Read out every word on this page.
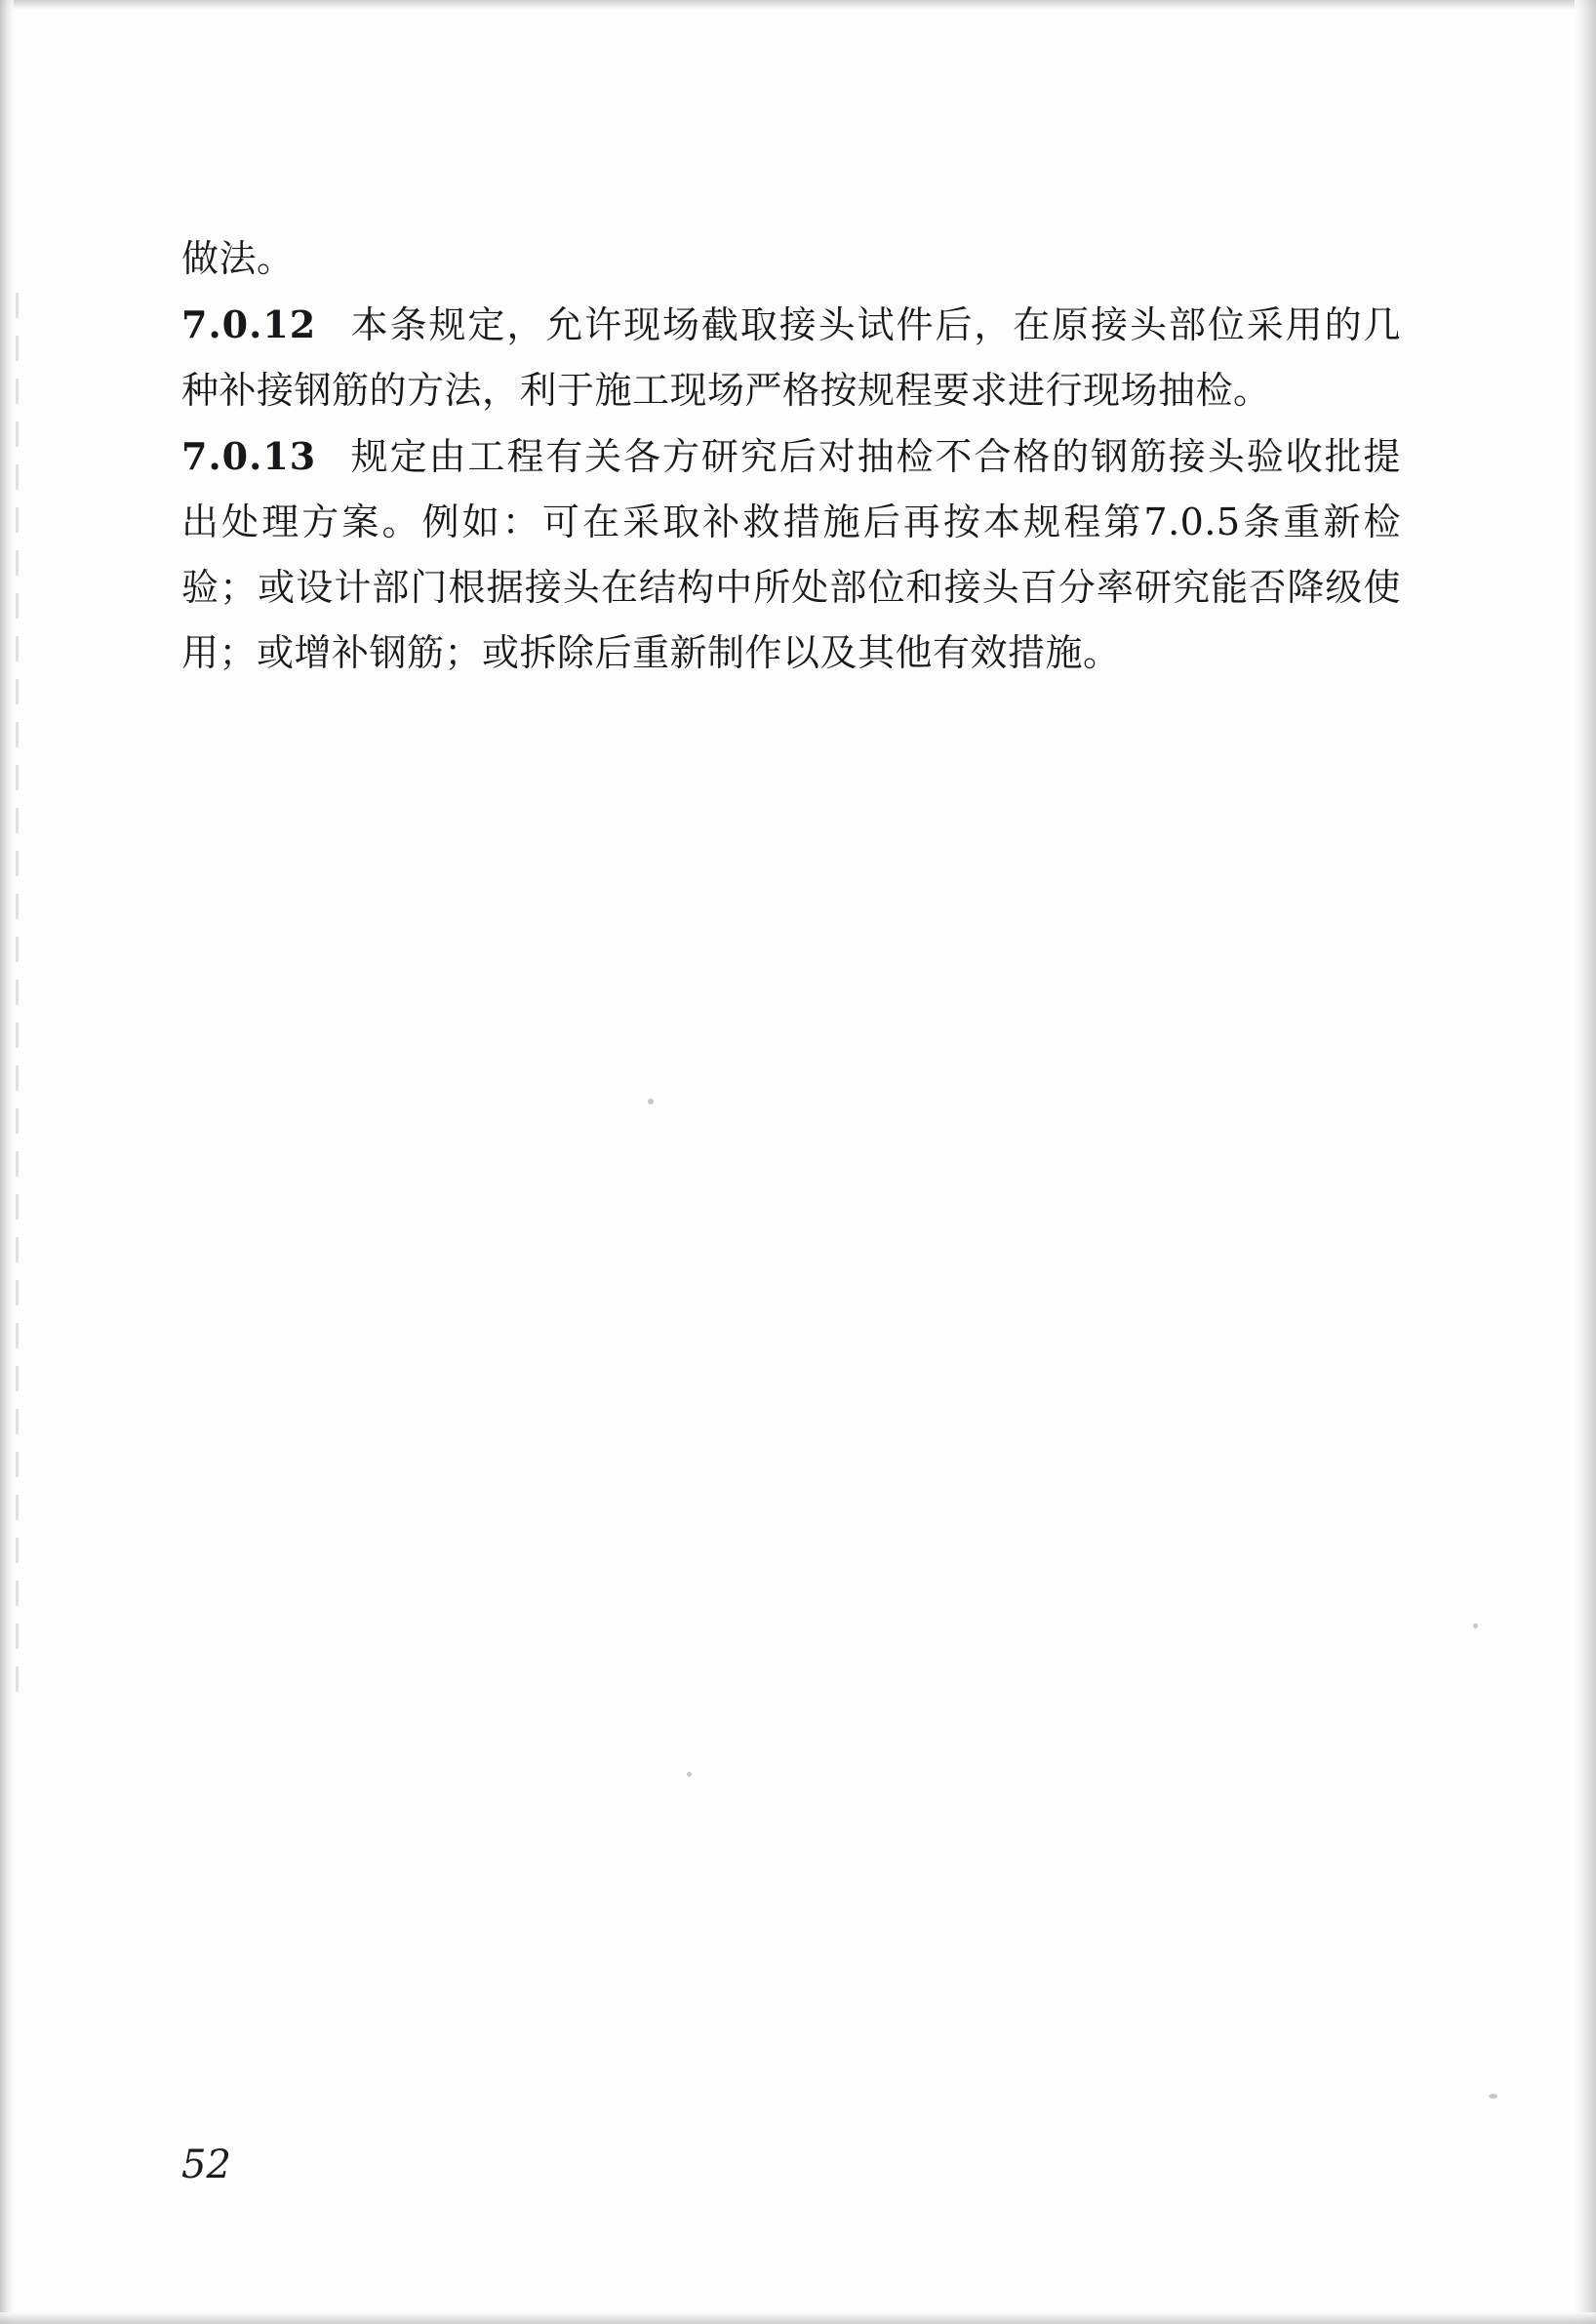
做法。

7.0.12 本条规定，允许现场截取接头试件后，在原接头部位采用的几种补接钢筋的方法，利于施工现场严格按规程要求进行现场抽检。

7.0.13 规定由工程有关各方研究后对抽检不合格的钢筋接头验收批提出处理方案。例如：可在采取补救措施后再按本规程第7.0.5条重新检验；或设计部门根据接头在结构中所处部位和接头百分率研究能否降级使用；或增补钢筋；或拆除后重新制作以及其他有效措施。

52
